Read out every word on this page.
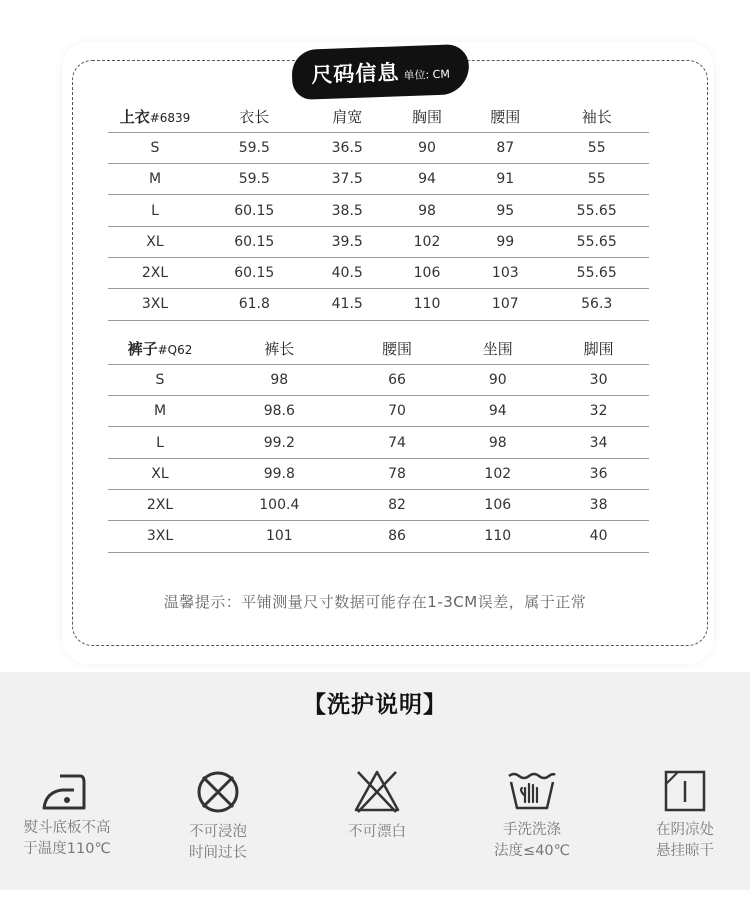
尺码信息 单位: CM
上衣#6839	衣长	肩宽	胸围	腰围	袖长
S	59.5	36.5	90	87	55
M	59.5	37.5	94	91	55
L	60.15	38.5	98	95	55.65
XL	60.15	39.5	102	99	55.65
2XL	60.15	40.5	106	103	55.65
3XL	61.8	41.5	110	107	56.3
裤子#Q62	裤长	腰围	坐围	脚围
S	98	66	90	30
M	98.6	70	94	32
L	99.2	74	98	34
XL	99.8	78	102	36
2XL	100.4	82	106	38
3XL	101	86	110	40
温馨提示：平铺测量尺寸数据可能存在1-3CM误差，属于正常
【洗护说明】
熨斗底板不高
于温度110℃
不可浸泡
时间过长
不可漂白	手洗洗涤
法度≤40℃
在阴凉处
悬挂晾干
